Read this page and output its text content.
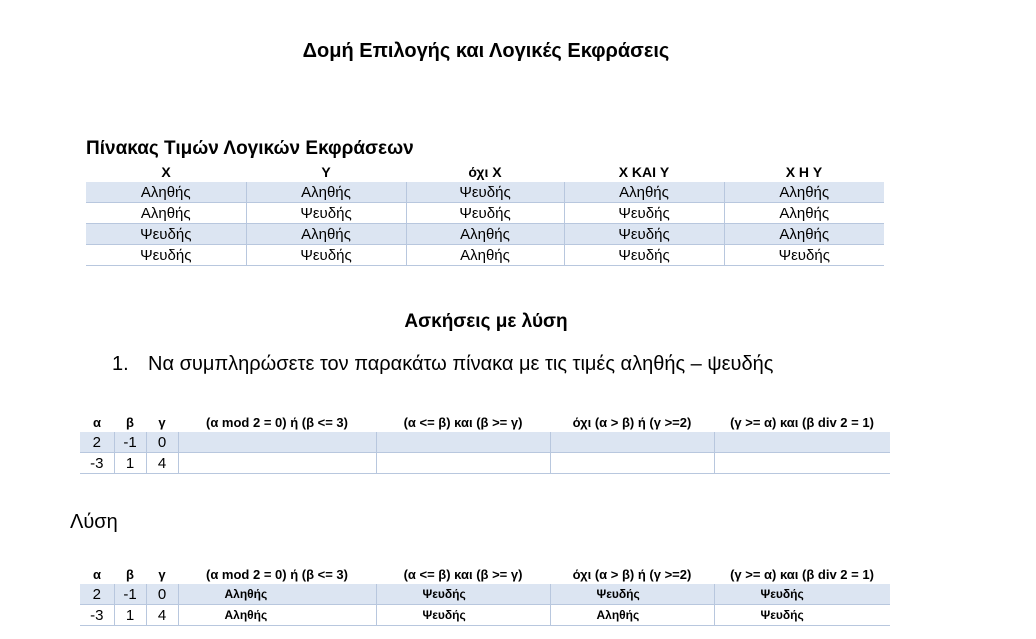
Δομή Επιλογής και Λογικές Εκφράσεις
Πίνακας Τιμών Λογικών Εκφράσεων
X	Y	όχι X	X ΚΑΙ Y	X Η Y
Αληθής	Αληθής	Ψευδής	Αληθής	Αληθής
Αληθής	Ψευδής	Ψευδής	Ψευδής	Αληθής
Ψευδής	Αληθής	Αληθής	Ψευδής	Αληθής
Ψευδής	Ψευδής	Αληθής	Ψευδής	Ψευδής
Ασκήσεις με λύση
1. Να συμπληρώσετε τον παρακάτω πίνακα με τις τιμές αληθής – ψευδής
α	β	γ	(α mod 2 = 0) ή (β <= 3)	(α <= β) και (β >= γ)	όχι (α > β) ή (γ >=2)	(γ >= α) και (β div 2 = 1)
2	-1	0				
-3	1	4				
Λύση
α	β	γ	(α mod 2 = 0) ή (β <= 3)	(α <= β) και (β >= γ)	όχι (α > β) ή (γ >=2)	(γ >= α) και (β div 2 = 1)
2	-1	0	Αληθής	Ψευδής	Ψευδής	Ψευδής
-3	1	4	Αληθής	Ψευδής	Αληθής	Ψευδής
